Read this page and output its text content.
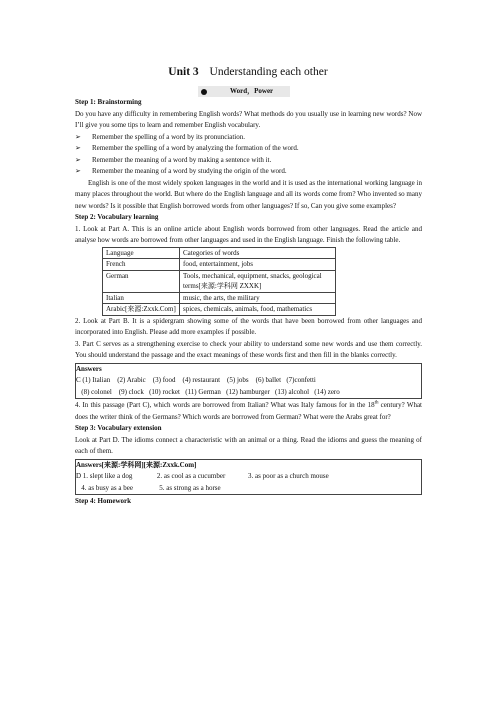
Unit 3 Understanding each other
Word，Power

Step 1: Brainstorming

Do you have any difficulty in remembering English words? What methods do you usually use in learning new words? Now I’ll give you some tips to learn and remember English vocabulary.

➢ Remember the spelling of a word by its pronunciation.

➢ Remember the spelling of a word by analyzing the formation of the word.

➢ Remember the meaning of a word by making a sentence with it.

➢ Remember the meaning of a word by studying the origin of the word.

English is one of the most widely spoken languages in the world and it is used as the international working language in many places throughout the world. But where do the English language and all its words come from? Who invented so many new words? Is it possible that English borrowed words from other languages? If so, Can you give some examples?

Step 2: Vocabulary learning

1. Look at Part A. This is an online article about English words borrowed from other languages. Read the article and analyse how words are borrowed from other languages and used in the English language. Finish the following table.

Language	Categories of words
French	food, entertainment, jobs
German	Tools, mechanical, equipment, snacks, geological terms[来源:学科网 ZXXK]
Italian	music, the arts, the military
Arabic[来源:Zxxk.Com]	spices, chemicals, animals, food, mathematics

2. Look at Part B. It is a spidergram showing some of the words that have been borrowed from other languages and incorporated into English. Please add more examples if possible.

3. Part C serves as a strengthening exercise to check your ability to understand some new words and use them correctly. You should understand the passage and the exact meanings of these words first and then fill in the blanks correctly.

Answers

C (1) Italian    (2) Arabic    (3) food    (4) restaurant    (5) jobs    (6) ballet   (7)confetti

(8) colonel    (9) clock   (10) rocket   (11) German   (12) hamburger   (13) alcohol   (14) zero

4. In this passage (Part C), which words are borrowed from Italian? What was Italy famous for in the 18th century? What does the writer think of the Germans? Which words are borrowed from German? What were the Arabs great for?

Step 3: Vocabulary extension

Look at Part D. The idioms connect a characteristic with an animal or a thing. Read the idioms and guess the meaning of each of them.

Answers[来源:学科网][来源:Zxxk.Com]

D 1. slept like a dog              2. as cool as a cucumber             3. as poor as a church mouse

4. as busy as a bee               5. as strong as a horse

Step 4: Homework
